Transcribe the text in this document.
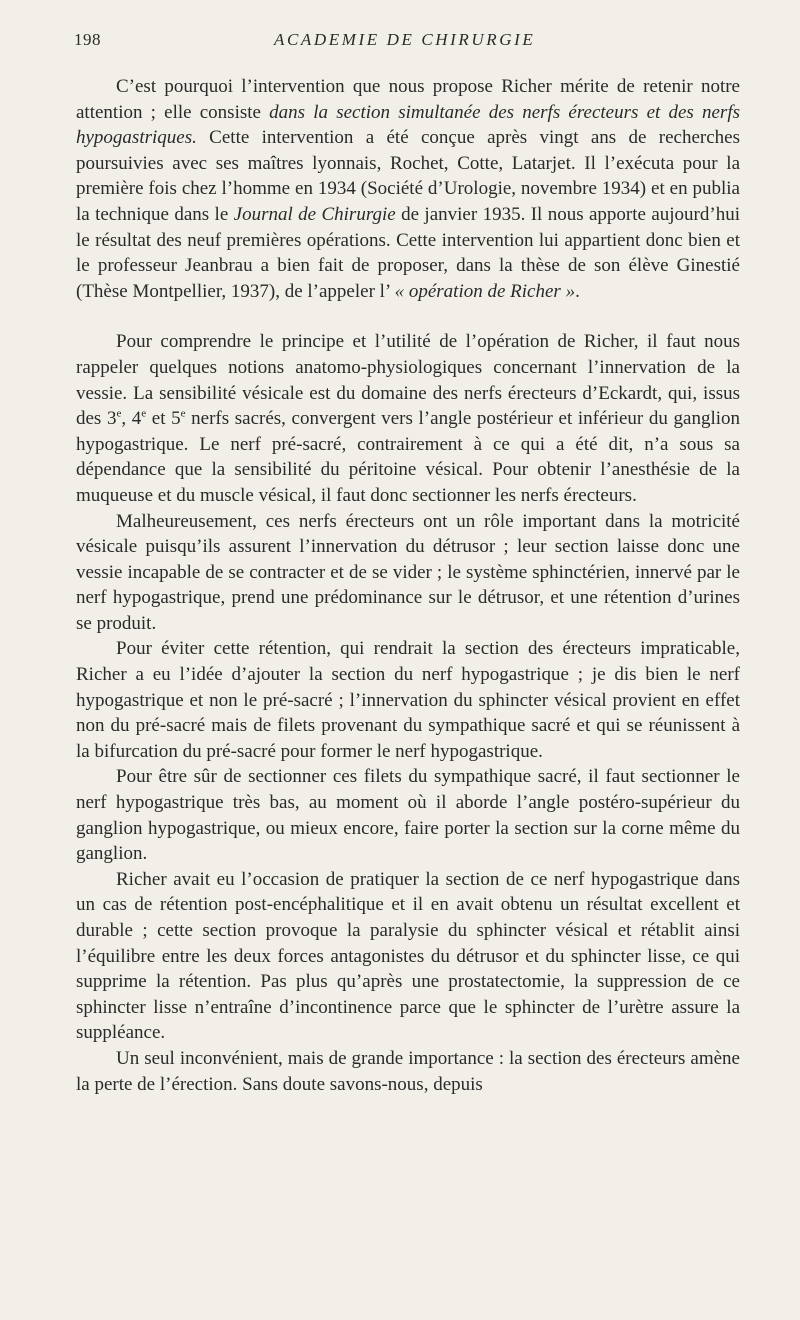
198	ACADEMIE DE CHIRURGIE

C’est pourquoi l’intervention que nous propose Richer mérite de retenir notre attention ; elle consiste dans la section simultanée des nerfs érecteurs et des nerfs hypogastriques. Cette intervention a été conçue après vingt ans de recherches poursuivies avec ses maîtres lyonnais, Rochet, Cotte, Latarjet. Il l’exécuta pour la première fois chez l’homme en 1934 (Société d’Urologie, novembre 1934) et en publia la technique dans le Journal de Chirurgie de janvier 1935. Il nous apporte aujourd’hui le résultat des neuf premières opérations. Cette intervention lui appartient donc bien et le professeur Jeanbrau a bien fait de proposer, dans la thèse de son élève Ginestié (Thèse Montpellier, 1937), de l’appeler l’ « opération de Richer ».

Pour comprendre le principe et l’utilité de l’opération de Richer, il faut nous rappeler quelques notions anatomo-physiologiques concernant l’innervation de la vessie. La sensibilité vésicale est du domaine des nerfs érecteurs d’Eckardt, qui, issus des 3e, 4e et 5e nerfs sacrés, convergent vers l’angle postérieur et inférieur du ganglion hypogastrique. Le nerf pré-sacré, contrairement à ce qui a été dit, n’a sous sa dépendance que la sensibilité du péritoine vésical. Pour obtenir l’anesthésie de la muqueuse et du muscle vésical, il faut donc sectionner les nerfs érecteurs.

Malheureusement, ces nerfs érecteurs ont un rôle important dans la motricité vésicale puisqu’ils assurent l’innervation du détrusor ; leur section laisse donc une vessie incapable de se contracter et de se vider ; le système sphinctérien, innervé par le nerf hypogastrique, prend une prédominance sur le détrusor, et une rétention d’urines se produit.

Pour éviter cette rétention, qui rendrait la section des érecteurs impraticable, Richer a eu l’idée d’ajouter la section du nerf hypogastrique ; je dis bien le nerf hypogastrique et non le pré-sacré ; l’innervation du sphincter vésical provient en effet non du pré-sacré mais de filets provenant du sympathique sacré et qui se réunissent à la bifurcation du pré-sacré pour former le nerf hypogastrique.

Pour être sûr de sectionner ces filets du sympathique sacré, il faut sectionner le nerf hypogastrique très bas, au moment où il aborde l’angle postéro-supérieur du ganglion hypogastrique, ou mieux encore, faire porter la section sur la corne même du ganglion.

Richer avait eu l’occasion de pratiquer la section de ce nerf hypogastrique dans un cas de rétention post-encéphalitique et il en avait obtenu un résultat excellent et durable ; cette section provoque la paralysie du sphincter vésical et rétablit ainsi l’équilibre entre les deux forces antagonistes du détrusor et du sphincter lisse, ce qui supprime la rétention. Pas plus qu’après une prostatectomie, la suppression de ce sphincter lisse n’entraîne d’incontinence parce que le sphincter de l’urètre assure la suppléance.

Un seul inconvénient, mais de grande importance : la section des érecteurs amène la perte de l’érection. Sans doute savons-nous, depuis
